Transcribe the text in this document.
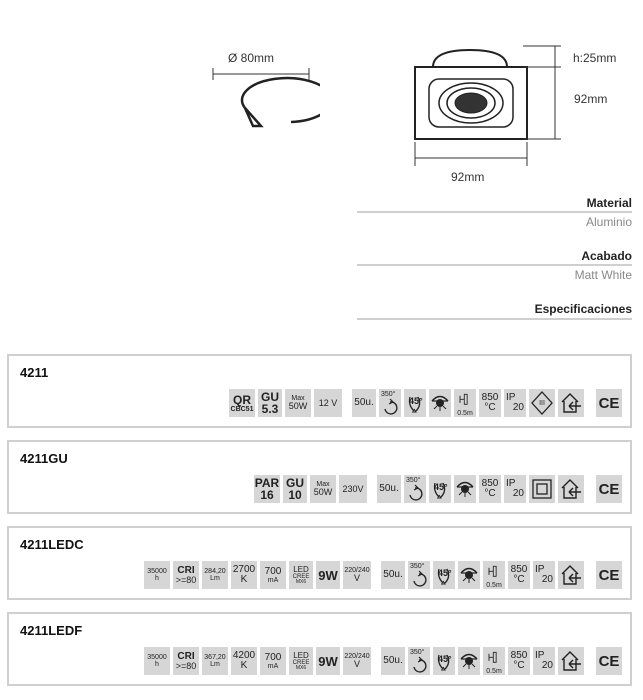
Ø 80mm	h:25mm
92mm
92mm
Material
Aluminio
Acabado
Matt White
Especificaciones
4211
QR
CBC51
GU
5.3
Max
50W 12 V 50u.
350°
45°
0.5m
850
°C
IP
20 III	CE
4211GU
PAR
16
GU
10
Max
50W 230V 50u.
350°
45°	850
°C
IP
20	CE
4211LEDC
35000
h
CRI
>=80
284,20
Lm
2700
K
700
mA
LED
CREE
MX6 9W 220/240
V 50u.
350°
45°
0.5m
850
°C
IP
20	CE
4211LEDF
35000
h
CRI
>=80
367,20
Lm
4200
K
700
mA
LED
CREE
MX6 9W 220/240
V 50u.
350°
45°
0.5m
850
°C
IP
20	CE
